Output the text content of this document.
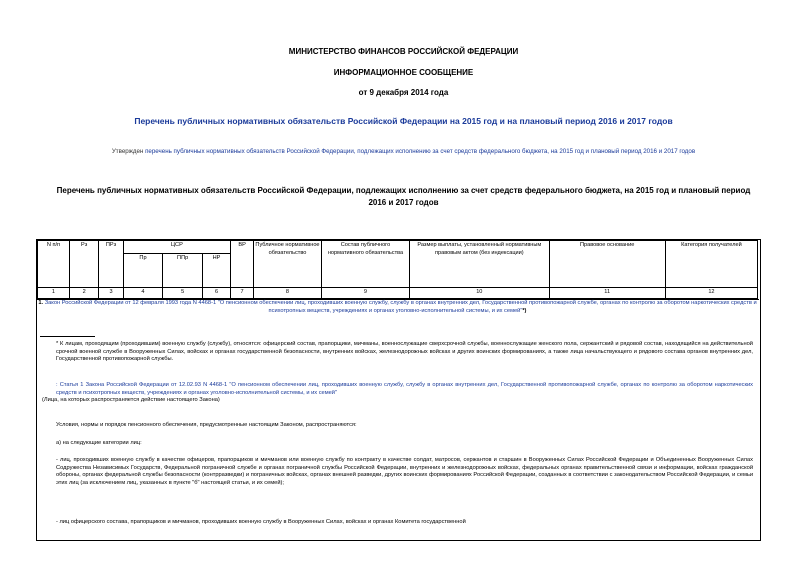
МИНИСТЕРСТВО ФИНАНСОВ РОССИЙСКОЙ ФЕДЕРАЦИИ
ИНФОРМАЦИОННОЕ СООБЩЕНИЕ
от 9 декабря 2014 года
Перечень публичных нормативных обязательств Российской Федерации на 2015 год и на плановый период 2016 и 2017 годов
Утвержден перечень публичных нормативных обязательств Российской Федерации, подлежащих исполнению за счет средств федерального бюджета, на 2015 год и плановый период 2016 и 2017 годов
Перечень публичных нормативных обязательств Российской Федерации, подлежащих исполнению за счет средств федерального бюджета, на 2015 год и плановый период 2016 и 2017 годов
N п/п	Рз	ПРз	ЦСР			ВР	Публичное нормативное обязательство	Состав публичного нормативного обязательства	Размер выплаты, установленный нормативным правовым актом (без индексации)	Правовое основание	Категория получателей
			Пр	ППр	НР						
1	2	3	4	5	6	7	8	9	10	11	12
1. Закон Российской Федерации от 12 февраля 1993 года N 4468-1 "О пенсионном обеспечении лиц, проходивших военную службу, службу в органах внутренних дел, Государственной противопожарной службе, органах по контролю за оборотом наркотических средств и психотропных веществ, учреждениях и органах уголовно-исполнительной системы, и их семей"*)
* К лицам, проходящим (проходившим) военную службу (службу), относятся: офицерский состав, прапорщики, мичманы, военнослужащие сверхсрочной службы, военнослужащие женского пола, сержантский и рядовой состав, находящийся на действительной срочной военной службе в Вооруженных Силах, войсках и органах государственной безопасности, внутренних войсках, железнодорожных войсках и других воинских формированиях, а также лица начальствующего и рядового состава органов внутренних дел, Государственной противопожарной службы.
: Статья 1 Закона Российской Федерации от 12.02.93 N 4468-1 "О пенсионном обеспечении лиц, проходивших военную службу, службу в органах внутренних дел, Государственной противопожарной службе, органах по контролю за оборотом наркотических средств и психотропных веществ, учреждениях и органах уголовно-исполнительной системы, и их семей" (Лица, на которых распространяется действие настоящего Закона)
Условия, нормы и порядок пенсионного обеспечения, предусмотренные настоящим Законом, распространяются:
а) на следующие категории лиц:
- лиц, проходивших военную службу в качестве офицеров, прапорщиков и мичманов или военную службу по контракту в качестве солдат, матросов, сержантов и старшин в Вооруженных Силах Российской Федерации и Объединенных Вооруженных Силах Содружества Независимых Государств, Федеральной пограничной службе и органах пограничной службы Российской Федерации, внутренних и железнодорожных войсках, федеральных органах правительственной связи и информации, войсках гражданской обороны, органах федеральной службы безопасности (контрразведки) и пограничных войсках, органах внешней разведки, других воинских формированиях Российской Федерации, созданных в соответствии с законодательством Российской Федерации, и семьи этих лиц (за исключением лиц, указанных в пункте "б" настоящей статьи, и их семей);
- лиц офицерского состава, прапорщиков и мичманов, проходивших военную службу в Вооруженных Силах, войсках и органах Комитета государственной
